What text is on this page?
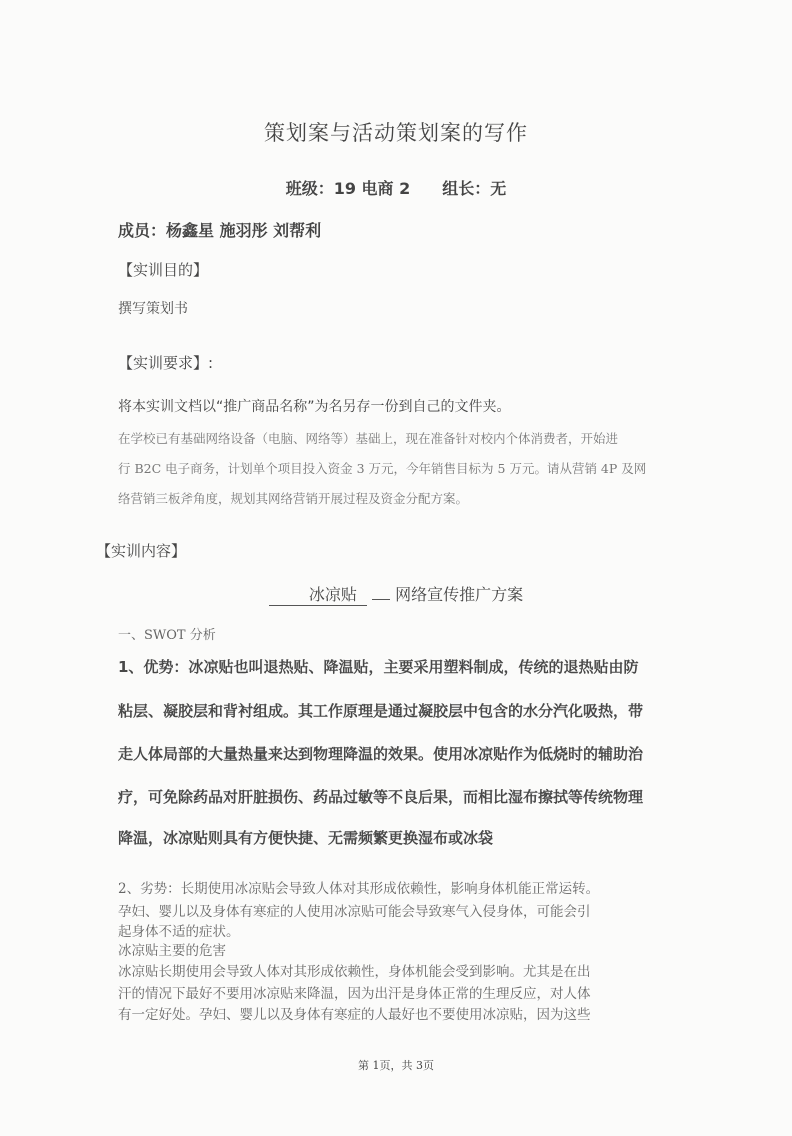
策划案与活动策划案的写作
班级：19 电商 2 组长：无
成员：杨鑫星 施羽彤 刘帮利
【实训目的】
撰写策划书
【实训要求】:
将本实训文档以“推广商品名称”为名另存一份到自己的文件夹。
在学校已有基础网络设备（电脑、网络等）基础上，现在准备针对校内个体消费者，开始进
行 B2C 电子商务，计划单个项目投入资金 3 万元，今年销售目标为 5 万元。请从营销 4P 及网
络营销三板斧角度，规划其网络营销开展过程及资金分配方案。
【实训内容】
冰凉贴 网络宣传推广方案
一、SWOT 分析
1、优势：冰凉贴也叫退热贴、降温贴，主要采用塑料制成，传统的退热贴由防
粘层、凝胶层和背衬组成。其工作原理是通过凝胶层中包含的水分汽化吸热，带
走人体局部的大量热量来达到物理降温的效果。使用冰凉贴作为低烧时的辅助治
疗，可免除药品对肝脏损伤、药品过敏等不良后果，而相比湿布擦拭等传统物理
降温，冰凉贴则具有方便快捷、无需频繁更换湿布或冰袋
2、劣势：长期使用冰凉贴会导致人体对其形成依赖性，影响身体机能正常运转。
孕妇、婴儿以及身体有寒症的人使用冰凉贴可能会导致寒气入侵身体，可能会引
起身体不适的症状。
冰凉贴主要的危害
冰凉贴长期使用会导致人体对其形成依赖性，身体机能会受到影响。尤其是在出
汗的情况下最好不要用冰凉贴来降温，因为出汗是身体正常的生理反应，对人体
有一定好处。孕妇、婴儿以及身体有寒症的人最好也不要使用冰凉贴，因为这些
第 1页，共 3页
